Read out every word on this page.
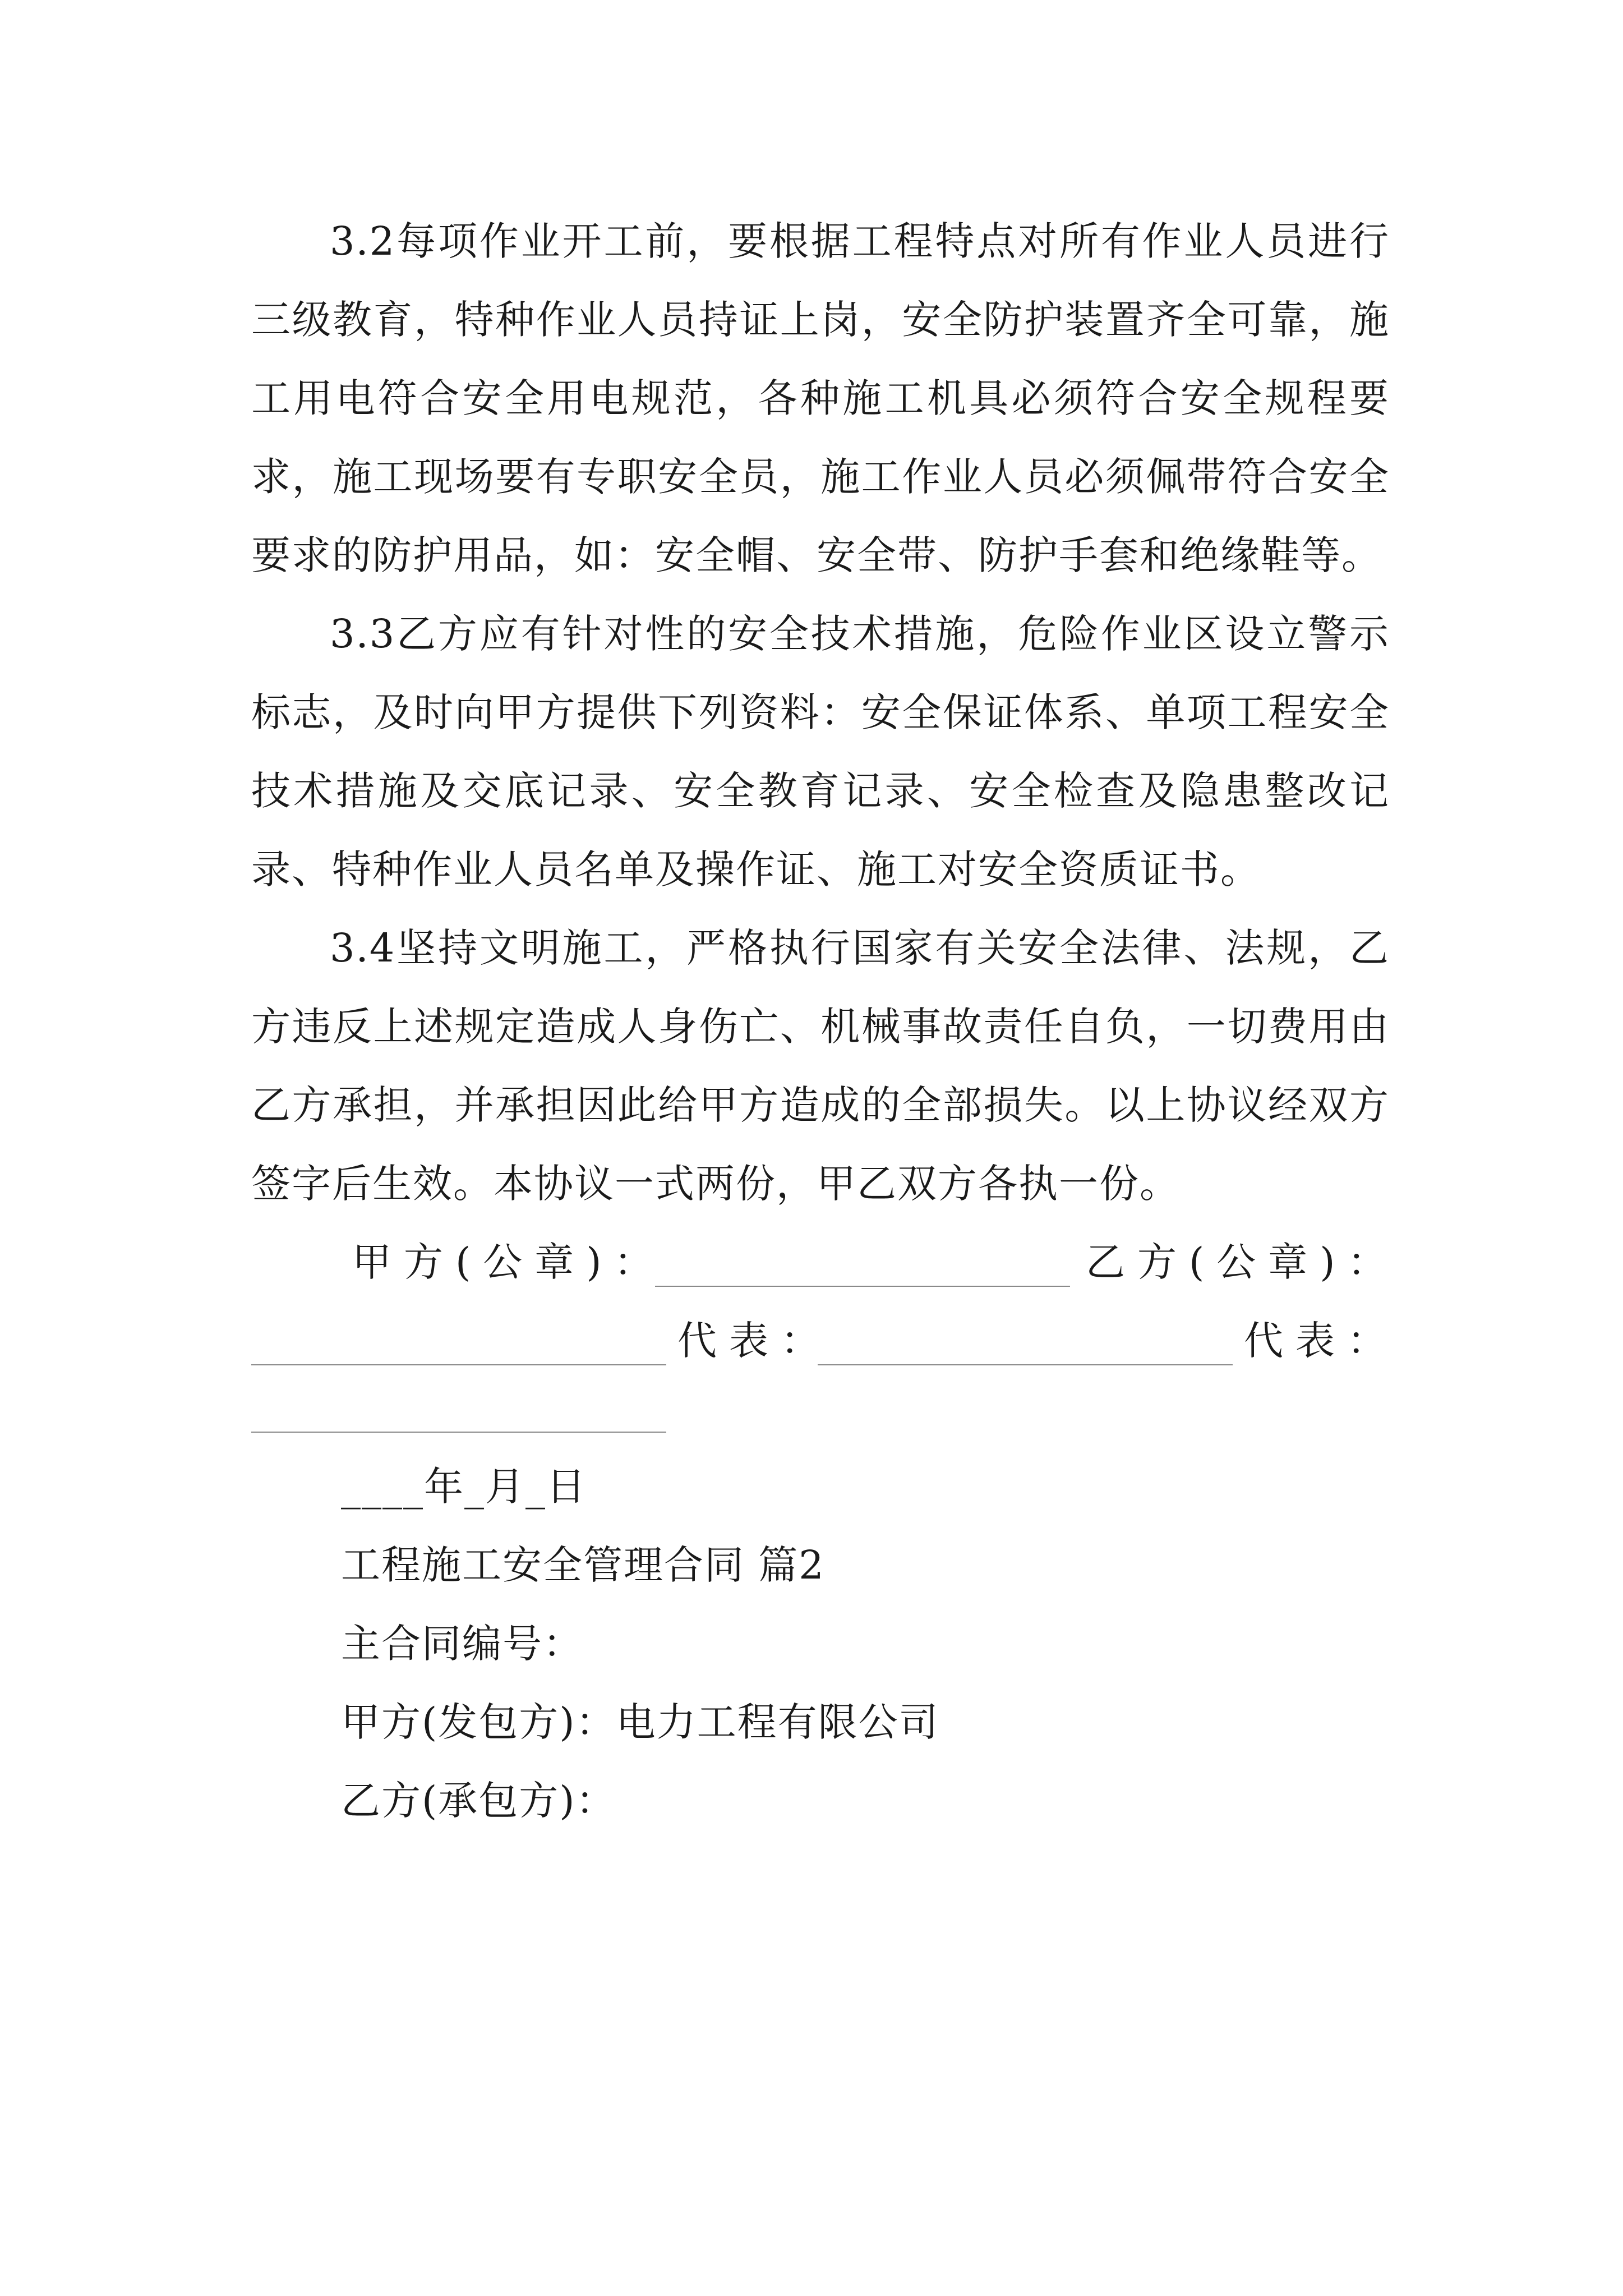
3.2每项作业开工前，要根据工程特点对所有作业人员进行三级教育，特种作业人员持证上岗，安全防护装置齐全可靠，施工用电符合安全用电规范，各种施工机具必须符合安全规程要求，施工现场要有专职安全员，施工作业人员必须佩带符合安全要求的防护用品，如：安全帽、安全带、防护手套和绝缘鞋等。

3.3乙方应有针对性的安全技术措施，危险作业区设立警示标志，及时向甲方提供下列资料：安全保证体系、单项工程安全技术措施及交底记录、安全教育记录、安全检查及隐患整改记录、特种作业人员名单及操作证、施工对安全资质证书。

3.4坚持文明施工，严格执行国家有关安全法律、法规，乙方违反上述规定造成人身伤亡、机械事故责任自负，一切费用由乙方承担，并承担因此给甲方造成的全部损失。以上协议经双方签字后生效。本协议一式两份，甲乙双方各执一份。

甲方(公章)：	乙方(公章)：
代表：	代表：

____年_月_日

工程施工安全管理合同 篇2

主合同编号：

甲方(发包方)：电力工程有限公司

乙方(承包方)：
